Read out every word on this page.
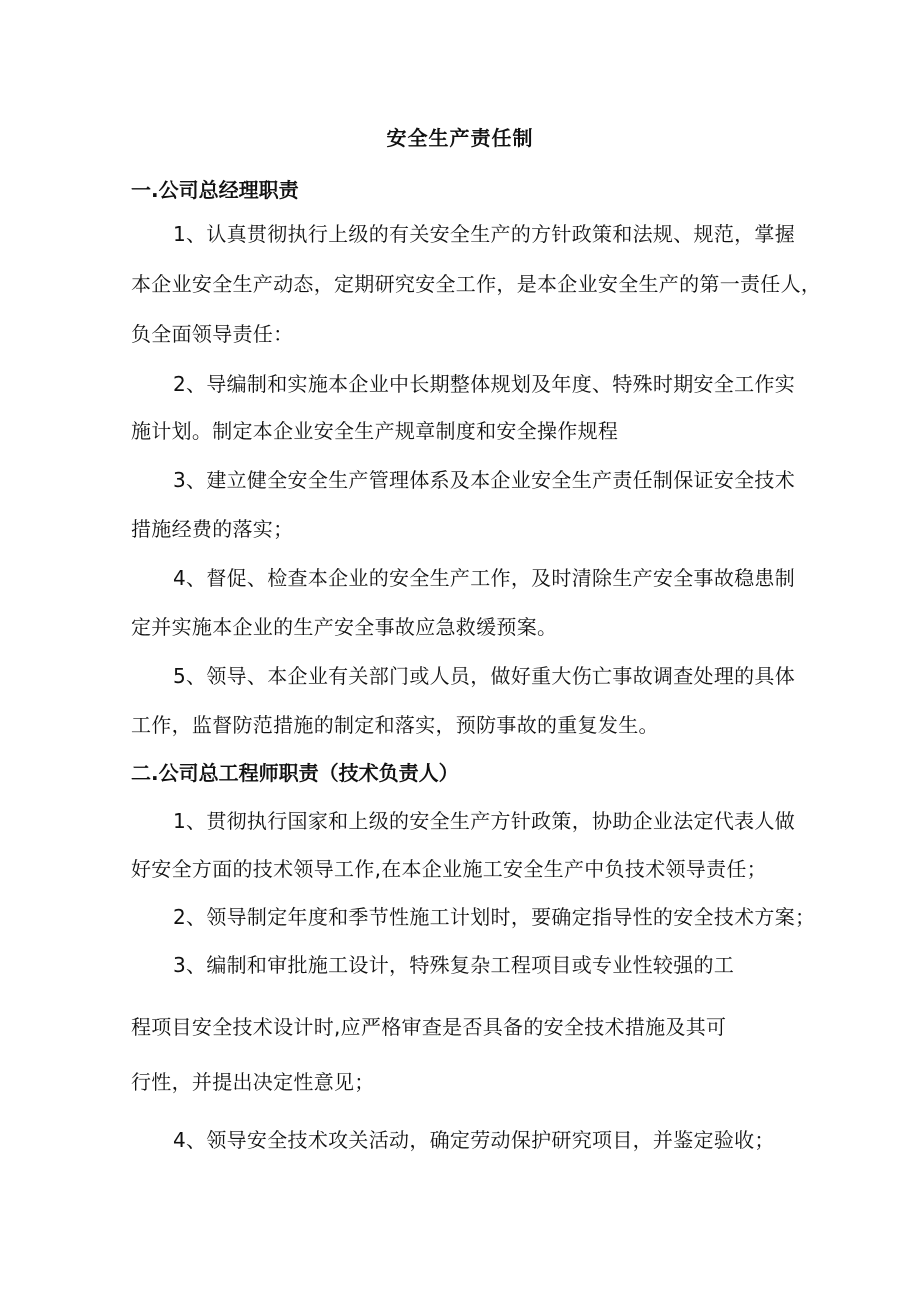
安全生产责任制
一.公司总经理职责
1、认真贯彻执行上级的有关安全生产的方针政策和法规、规范，掌握
本企业安全生产动态，定期研究安全工作，是本企业安全生产的第一责任人，
负全面领导责任：
2、导编制和实施本企业中长期整体规划及年度、特殊时期安全工作实
施计划。制定本企业安全生产规章制度和安全操作规程
3、建立健全安全生产管理体系及本企业安全生产责任制保证安全技术
措施经费的落实；
4、督促、检查本企业的安全生产工作，及时清除生产安全事故稳患制
定并实施本企业的生产安全事故应急救缓预案。
5、领导、本企业有关部门或人员，做好重大伤亡事故调查处理的具体
工作，监督防范措施的制定和落实，预防事故的重复发生。
二.公司总工程师职责（技术负责人）
1、贯彻执行国家和上级的安全生产方针政策，协助企业法定代表人做
好安全方面的技术领导工作,在本企业施工安全生产中负技术领导责任；
2、领导制定年度和季节性施工计划时，要确定指导性的安全技术方案；
3、编制和审批施工设计，特殊复杂工程项目或专业性较强的工
程项目安全技术设计时,应严格审查是否具备的安全技术措施及其可
行性，并提出决定性意见；
4、领导安全技术攻关活动，确定劳动保护研究项目，并鉴定验收；
